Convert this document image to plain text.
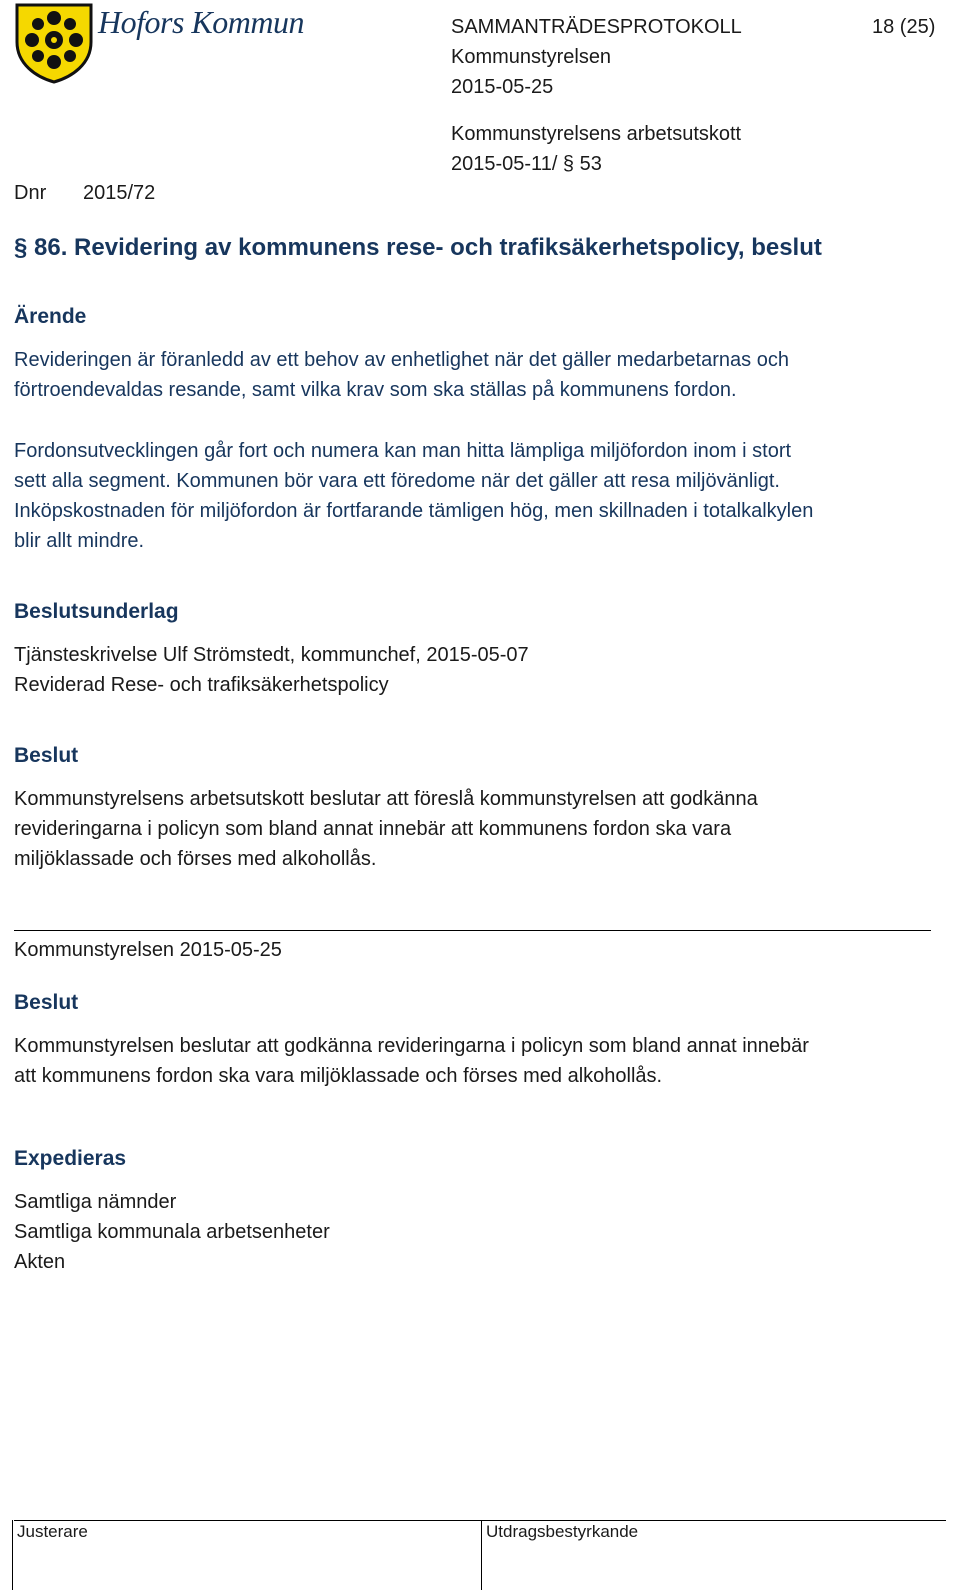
Hofors Kommun	SAMMANTRÄDESPROTOKOLL	18 (25)
Kommunstyrelsen
2015-05-25
Kommunstyrelsens arbetsutskott
2015-05-11/ § 53
Dnr 2015/72
§ 86. Revidering av kommunens rese- och trafiksäkerhetspolicy, beslut
Ärende
Revideringen är föranledd av ett behov av enhetlighet när det gäller medarbetarnas och
förtroendevaldas resande, samt vilka krav som ska ställas på kommunens fordon.
Fordonsutvecklingen går fort och numera kan man hitta lämpliga miljöfordon inom i stort
sett alla segment. Kommunen bör vara ett föredome när det gäller att resa miljövänligt.
Inköpskostnaden för miljöfordon är fortfarande tämligen hög, men skillnaden i totalkalkylen
blir allt mindre.
Beslutsunderlag
Tjänsteskrivelse Ulf Strömstedt, kommunchef, 2015-05-07
Reviderad Rese- och trafiksäkerhetspolicy
Beslut
Kommunstyrelsens arbetsutskott beslutar att föreslå kommunstyrelsen att godkänna
revideringarna i policyn som bland annat innebär att kommunens fordon ska vara
miljöklassade och förses med alkohollås.
Kommunstyrelsen 2015-05-25
Beslut
Kommunstyrelsen beslutar att godkänna revideringarna i policyn som bland annat innebär
att kommunens fordon ska vara miljöklassade och förses med alkohollås.
Expedieras
Samtliga nämnder
Samtliga kommunala arbetsenheter
Akten
Justerare	Utdragsbestyrkande
